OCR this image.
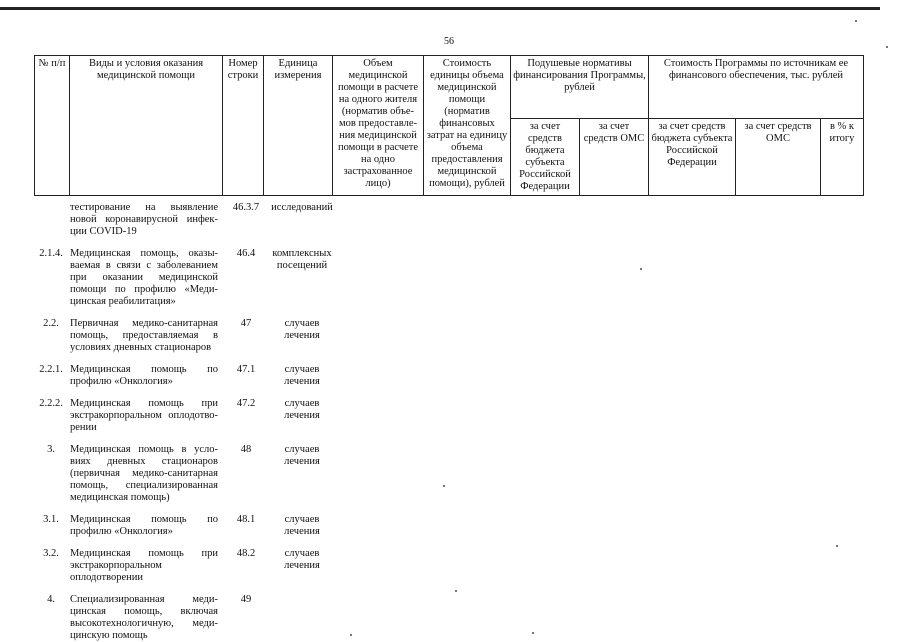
56
№ п/п	Виды и условия оказания медицинской помощи	Номер строки	Единица измерения	Объем медицинской помощи в расчете на одного жителя (норматив объе-мов предоставле-ния медицинской помощи в расчете на одно застрахованное лицо)	Стоимость единицы объема медицинской помощи (норматив финансовых затрат на единицу объема предоставления медицинской помощи), рублей	Подушевые нормативы финансирования Программы, рублей		Стоимость Программы по источникам ее финансового обеспечения, тыс. рублей		
						за счет средств бюджета субъекта Российской Федерации	за счет средств ОМС	за счет средств бюджета субъекта Российской Федерации	за счет средств ОМС	в % к итогу
	тестирование на выявление новой коронавирусной инфек-ции COVID-19	46.3.7	исследований

2.1.4.	Медицинская помощь, оказы-ваемая в связи с заболеванием при оказании медицинской помощи по профилю «Меди-цинская реабилитация»	46.4	комплексных посещений

2.2.	Первичная медико-санитарная помощь, предоставляемая в условиях дневных стационаров	47	случаев лечения

2.2.1.	Медицинская помощь по профилю «Онкология»	47.1	случаев лечения

2.2.2.	Медицинская помощь при экстракорпоральном оплодотво-рении	47.2	случаев лечения

3.	Медицинская помощь в усло-виях дневных стационаров (первичная медико-санитарная помощь, специализированная медицинская помощь)	48	случаев лечения

3.1.	Медицинская помощь по профилю «Онкология»	48.1	случаев лечения

3.2.	Медицинская помощь при экстракорпоральном оплодотворении	48.2	случаев лечения

4.	Специализированная меди-цинская помощь, включая высокотехнологичную, меди-цинскую помощь	49	
